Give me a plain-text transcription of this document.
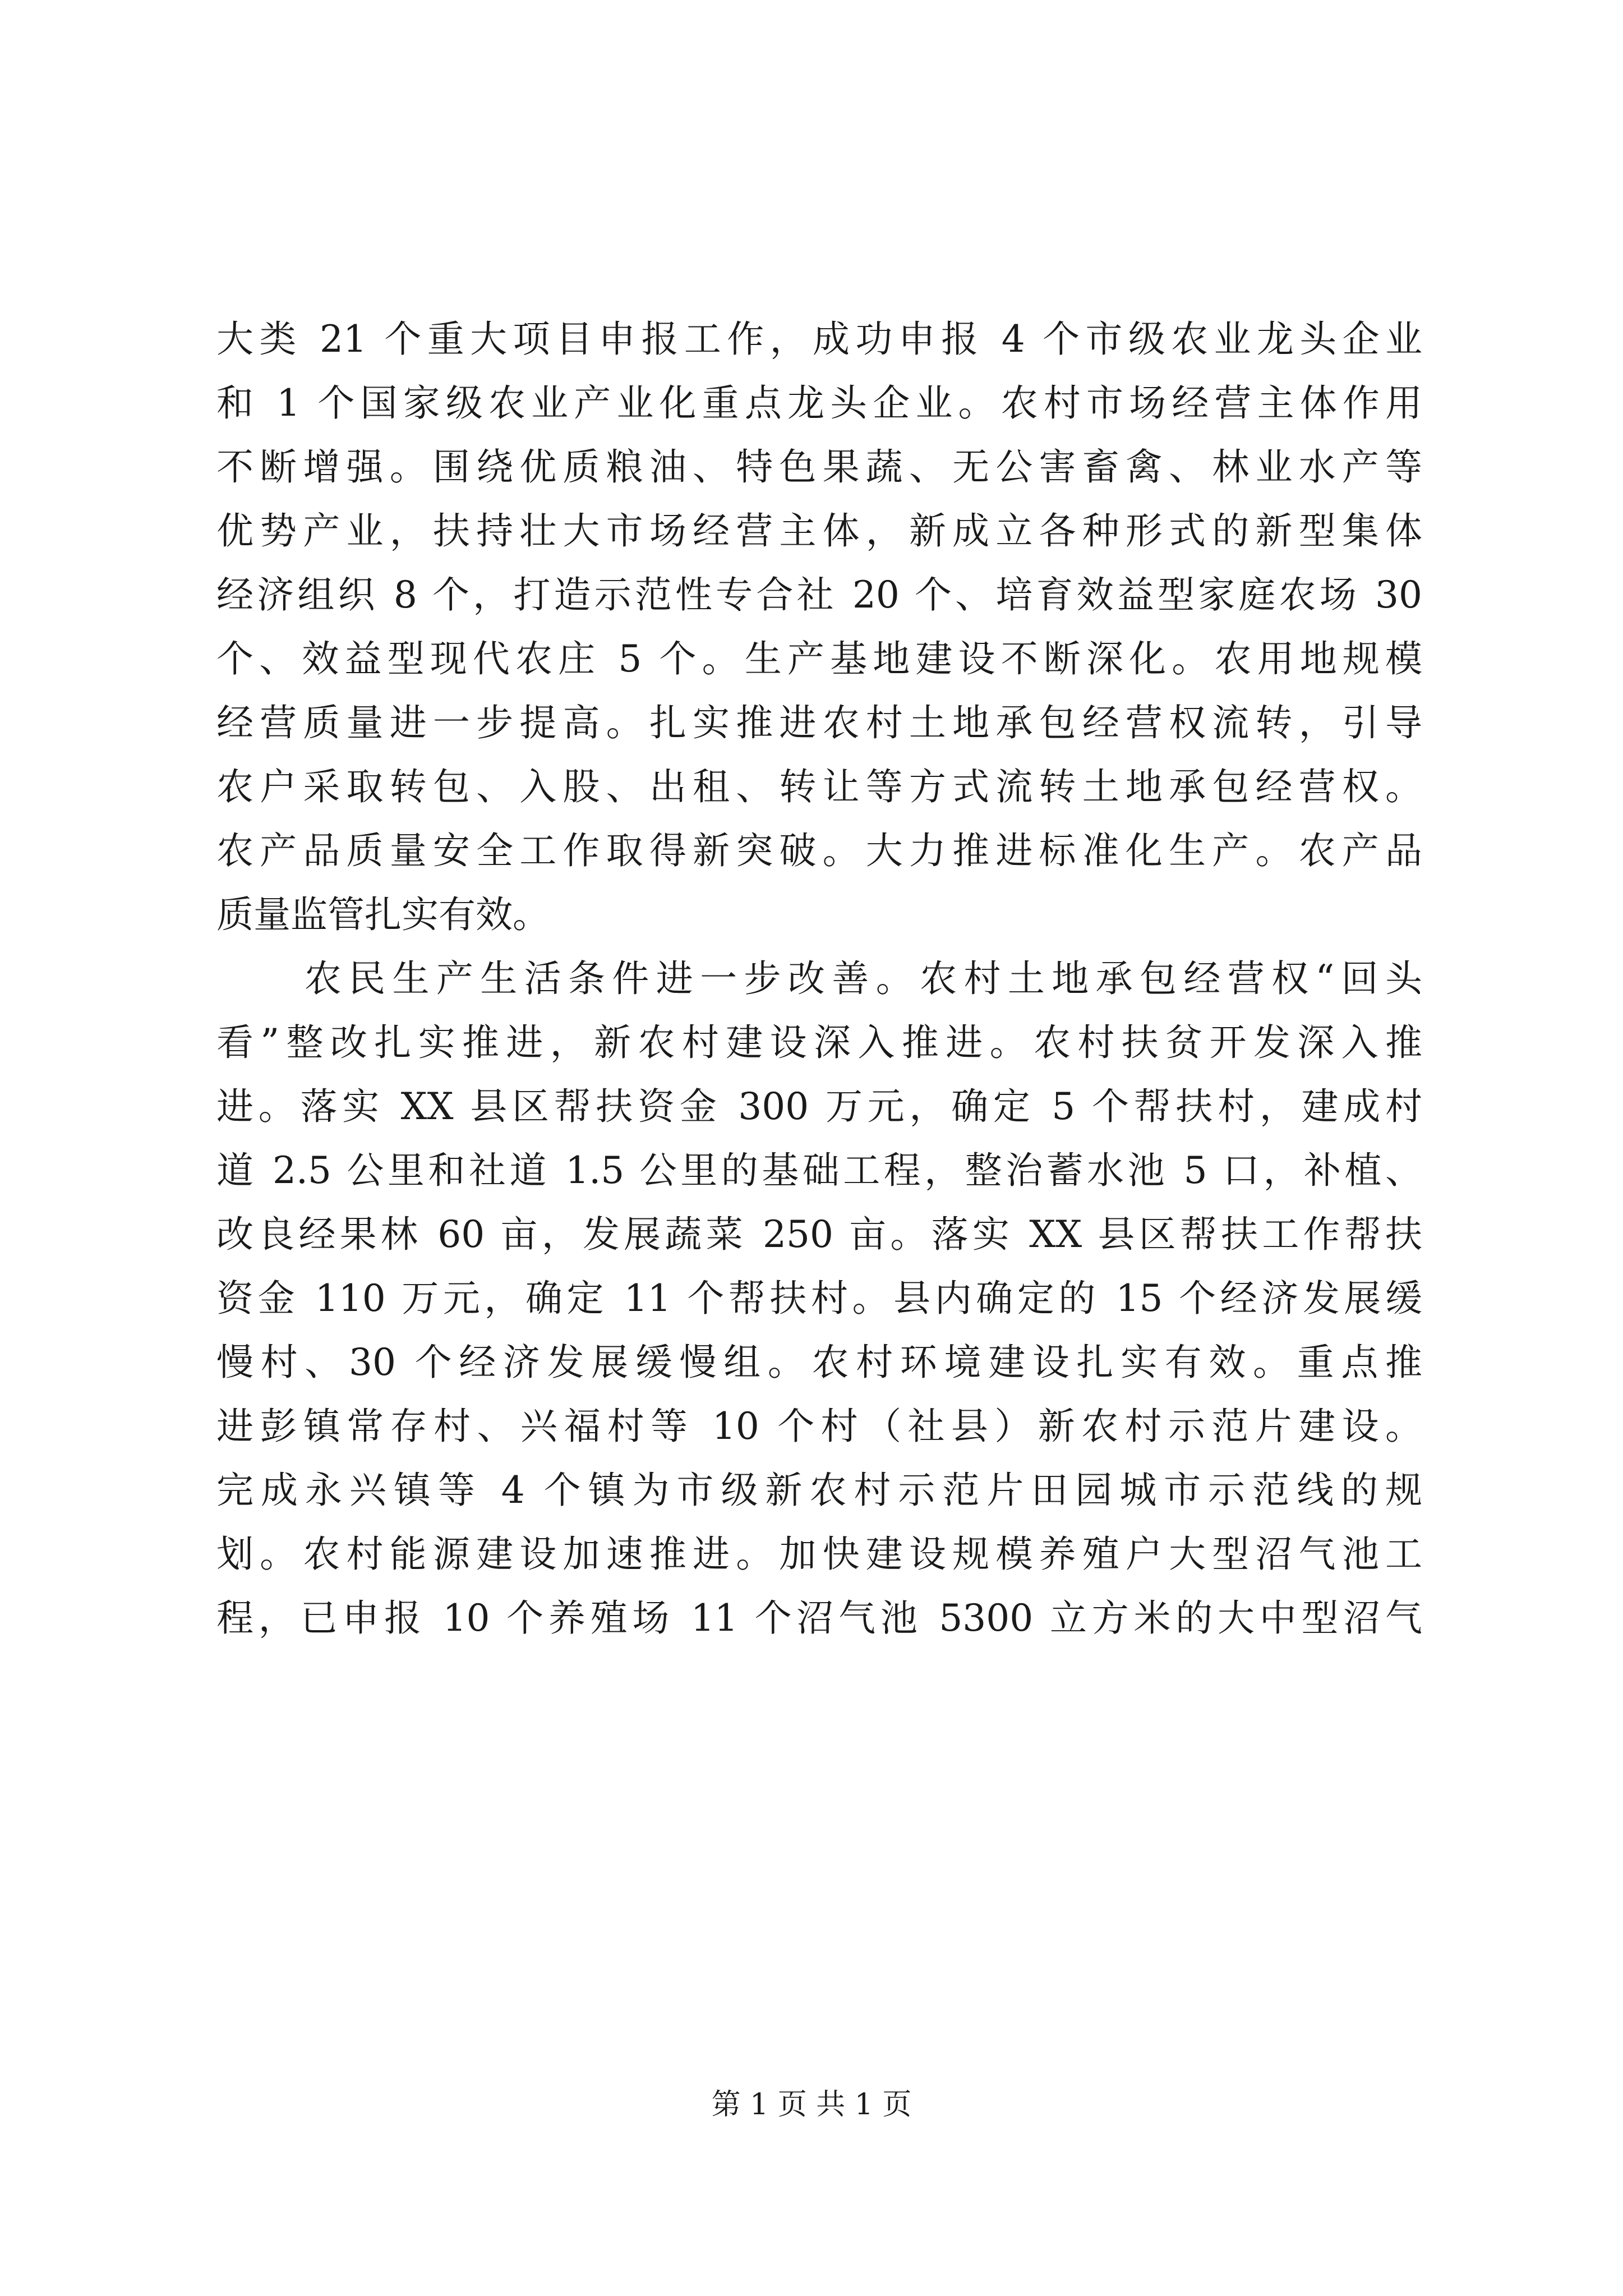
大类 21 个重大项目申报工作，成功申报 4 个市级农业龙头企业
和 1 个国家级农业产业化重点龙头企业。农村市场经营主体作用
不断增强。围绕优质粮油、特色果蔬、无公害畜禽、林业水产等
优势产业，扶持壮大市场经营主体，新成立各种形式的新型集体
经济组织 8 个，打造示范性专合社 20 个、培育效益型家庭农场 30
个、效益型现代农庄 5 个。生产基地建设不断深化。农用地规模
经营质量进一步提高。扎实推进农村土地承包经营权流转，引导
农户采取转包、入股、出租、转让等方式流转土地承包经营权。
农产品质量安全工作取得新突破。大力推进标准化生产。农产品
质量监管扎实有效。
　　农民生产生活条件进一步改善。农村土地承包经营权“回头
看”整改扎实推进，新农村建设深入推进。农村扶贫开发深入推
进。落实 XX 县区帮扶资金 300 万元，确定 5 个帮扶村，建成村
道 2.5 公里和社道 1.5 公里的基础工程，整治蓄水池 5 口，补植、
改良经果林 60 亩，发展蔬菜 250 亩。落实 XX 县区帮扶工作帮扶
资金 110 万元，确定 11 个帮扶村。县内确定的 15 个经济发展缓
慢村、30 个经济发展缓慢组。农村环境建设扎实有效。重点推
进彭镇常存村、兴福村等 10 个村（社县）新农村示范片建设。
完成永兴镇等 4 个镇为市级新农村示范片田园城市示范线的规
划。农村能源建设加速推进。加快建设规模养殖户大型沼气池工
程，已申报 10 个养殖场 11 个沼气池 5300 立方米的大中型沼气
第 1 页 共 1 页
